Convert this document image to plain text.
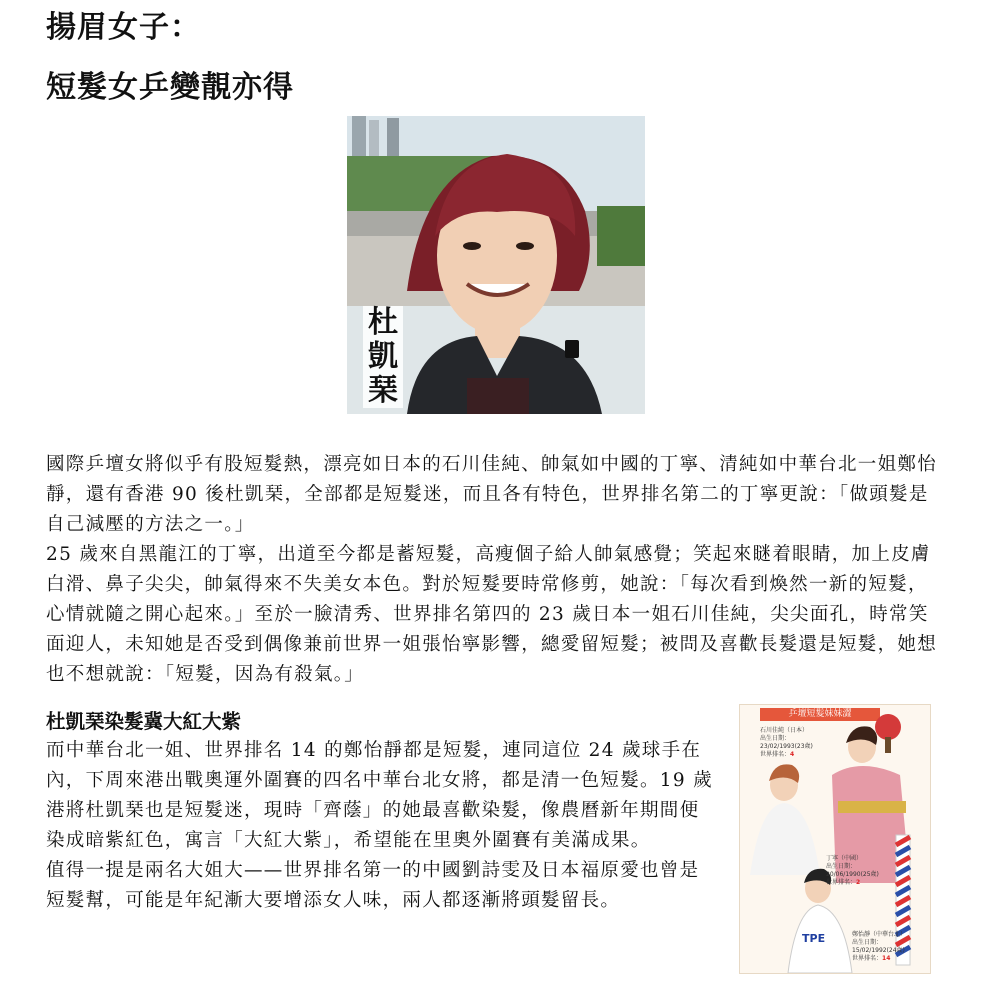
揚眉女子：
短髮女乒變靚亦得
杜凱琹

國際乒壇女將似乎有股短髮熱，漂亮如日本的石川佳純、帥氣如中國的丁寧、清純如中華台北一姐鄭怡靜，還有香港 90 後杜凱琹，全部都是短髮迷，而且各有特色，世界排名第二的丁寧更說：「做頭髮是自己減壓的方法之一。」

25 歲來自黑龍江的丁寧，出道至今都是蓄短髮，高瘦個子給人帥氣感覺；笑起來瞇着眼睛，加上皮膚白滑、鼻子尖尖，帥氣得來不失美女本色。對於短髮要時常修剪，她說：「每次看到煥然一新的短髮，心情就隨之開心起來。」至於一臉清秀、世界排名第四的 23 歲日本一姐石川佳純，尖尖面孔，時常笑面迎人，未知她是否受到偶像兼前世界一姐張怡寧影響，總愛留短髮；被問及喜歡長髮還是短髮，她想也不想就說：「短髮，因為有殺氣。」

杜凱琹染髮冀大紅大紫

而中華台北一姐、世界排名 14 的鄭怡靜都是短髮，連同這位 24 歲球手在內，下周來港出戰奧運外圍賽的四名中華台北女將，都是清一色短髮。19 歲港將杜凱琹也是短髮迷，現時「齊蔭」的她最喜歡染髮，像農曆新年期間便染成暗紫紅色，寓言「大紅大紫」，希望能在里奧外圍賽有美滿成果。

值得一提是兩名大姐大——世界排名第一的中國劉詩雯及日本福原愛也曾是短髮幫，可能是年紀漸大要增添女人味，兩人都逐漸將頭髮留長。

乒壇短髮妹妹澀
石川佳純（日本）
出生日期：
23/02/1993(23歲)
世界排名：4
丁寧（中國）
出生日期：
20/06/1990(25歲)
世界排名：2
鄭怡靜（中華台北）
出生日期：
15/02/1992(24歲)
世界排名：14
TPE
